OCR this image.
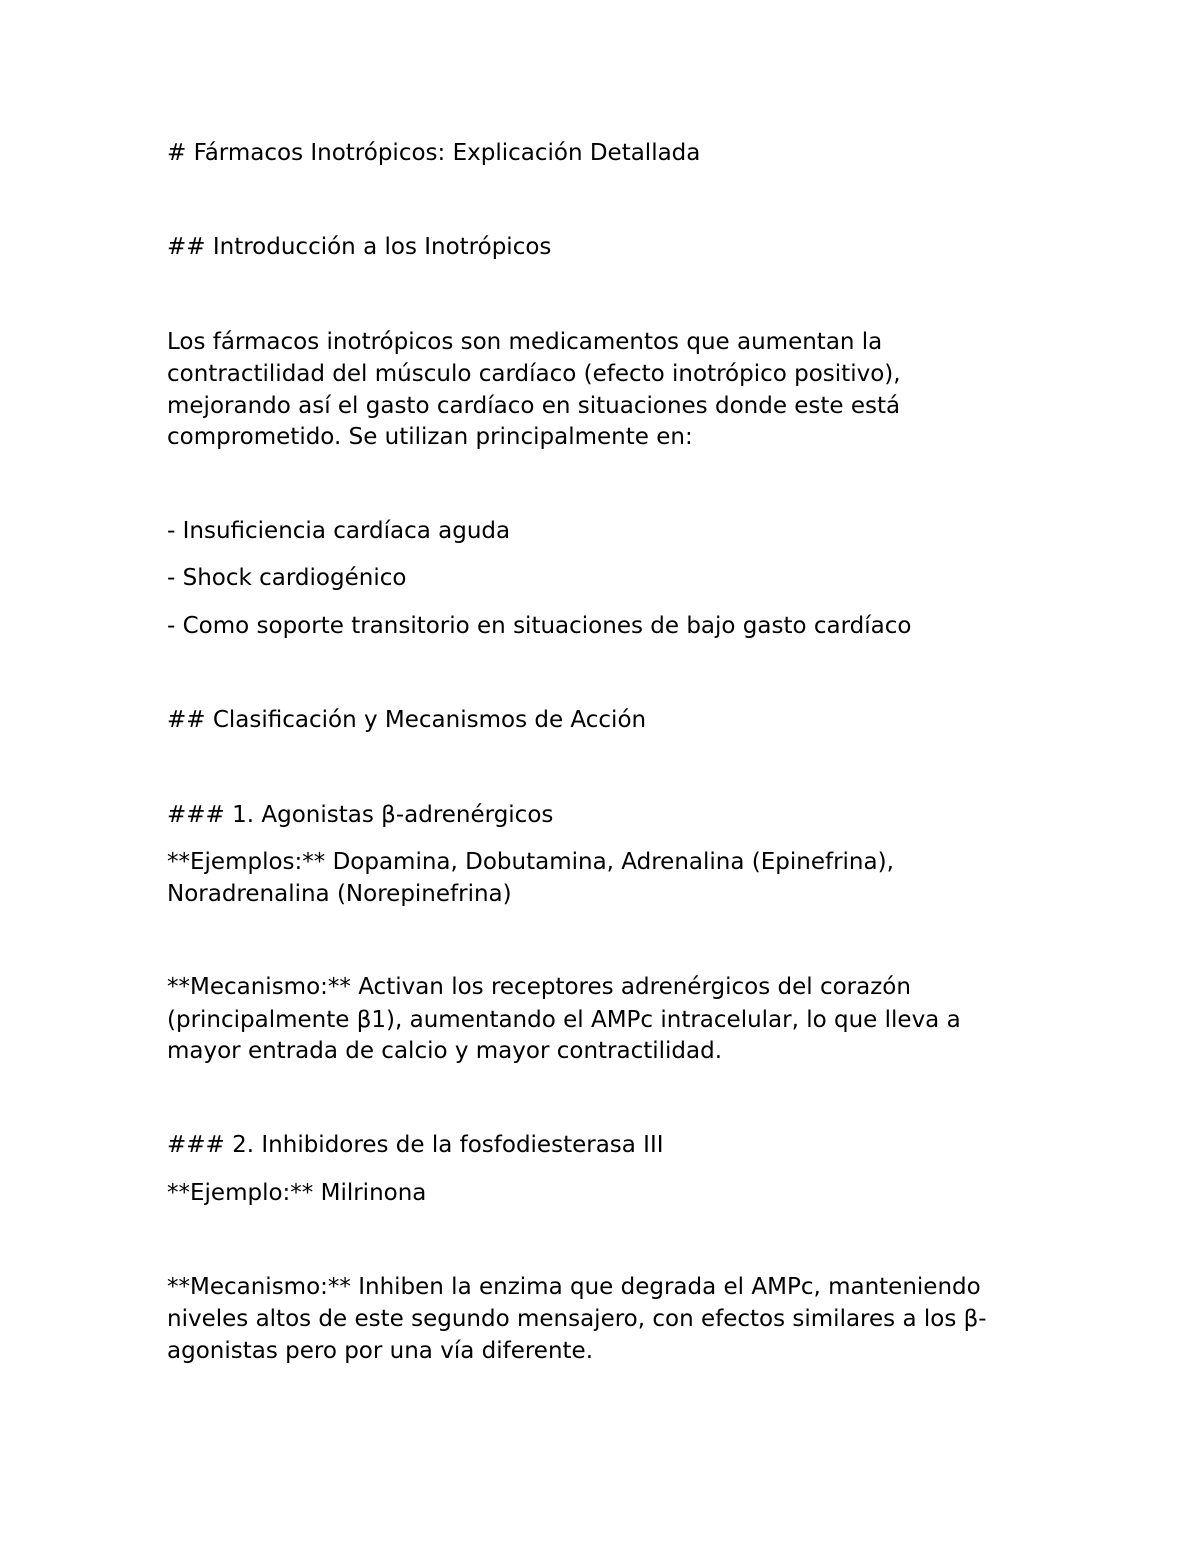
# Fármacos Inotrópicos: Explicación Detallada

## Introducción a los Inotrópicos

Los fármacos inotrópicos son medicamentos que aumentan la

contractilidad del músculo cardíaco (efecto inotrópico positivo),

mejorando así el gasto cardíaco en situaciones donde este está

comprometido. Se utilizan principalmente en:

- Insuficiencia cardíaca aguda

- Shock cardiogénico

- Como soporte transitorio en situaciones de bajo gasto cardíaco

## Clasificación y Mecanismos de Acción

### 1. Agonistas β-adrenérgicos

**Ejemplos:** Dopamina, Dobutamina, Adrenalina (Epinefrina),

Noradrenalina (Norepinefrina)

**Mecanismo:** Activan los receptores adrenérgicos del corazón

(principalmente β1), aumentando el AMPc intracelular, lo que lleva a

mayor entrada de calcio y mayor contractilidad.

### 2. Inhibidores de la fosfodiesterasa III

**Ejemplo:** Milrinona

**Mecanismo:** Inhiben la enzima que degrada el AMPc, manteniendo

niveles altos de este segundo mensajero, con efectos similares a los β-

agonistas pero por una vía diferente.
